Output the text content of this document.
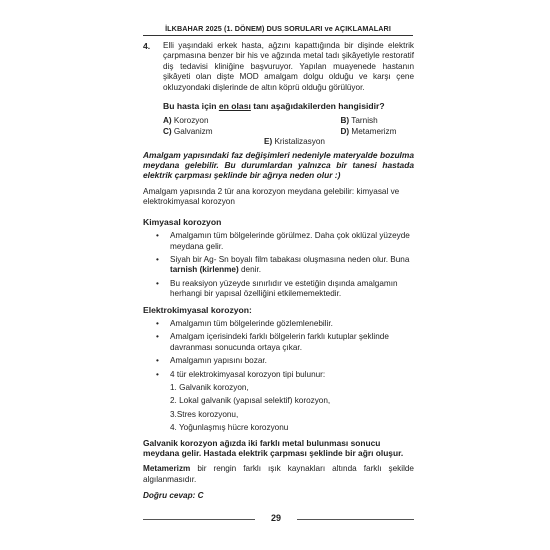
İLKBAHAR 2025 (1. DÖNEM) DUS SORULARI ve AÇIKLAMALARI
4.	Elli yaşındaki erkek hasta, ağzını kapattığında bir dişinde elektrik çarpmasına benzer bir his ve ağzında metal tadı şikâyetiyle restoratif diş tedavisi kliniğine başvuruyor. Yapılan muayenede hastanın şikâyeti olan dişte MOD amalgam dolgu olduğu ve karşı çene okluzyondaki dişlerinde de altın köprü olduğu görülüyor.
Bu hasta için en olası tanı aşağıdakilerden hangisidir?
A) Korozyon	B) Tarnish
C) Galvanizm	D) Metamerizm
E) Kristalizasyon
Amalgam yapısındaki faz değişimleri nedeniyle materyalde bozulma meydana gelebilir. Bu durumlardan yalnızca bir tanesi hastada elektrik çarpması şeklinde bir ağrıya neden olur :)
Amalgam yapısında 2 tür ana korozyon meydana gelebilir: kimyasal ve elektrokimyasal korozyon
Kimyasal korozyon
• Amalgamın tüm bölgelerinde görülmez. Daha çok oklüzal yüzeyde meydana gelir.
• Siyah bir Ag- Sn boyalı film tabakası oluşmasına neden olur. Buna tarnish (kirlenme) denir.
• Bu reaksiyon yüzeyde sınırlıdır ve estetiğin dışında amalgamın herhangi bir yapısal özelliğini etkilememektedir.
Elektrokimyasal korozyon:
• Amalgamın tüm bölgelerinde gözlemlenebilir.
• Amalgam içerisindeki farklı bölgelerin farklı kutuplar şeklinde davranması sonucunda ortaya çıkar.
• Amalgamın yapısını bozar.
• 4 tür elektrokimyasal korozyon tipi bulunur:
1. Galvanik korozyon,
2. Lokal galvanik (yapısal selektif) korozyon,
3.Stres korozyonu,
4. Yoğunlaşmış hücre korozyonu
Galvanik korozyon ağızda iki farklı metal bulunması sonucu meydana gelir. Hastada elektrik çarpması şeklinde bir ağrı oluşur.
Metamerizm bir rengin farklı ışık kaynakları altında farklı şekilde algılanmasıdır.
Doğru cevap: C
29
